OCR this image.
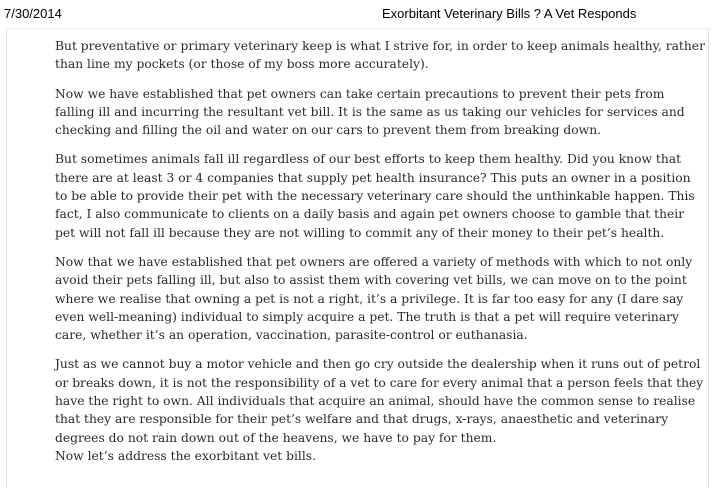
7/30/2014	Exorbitant Veterinary Bills ? A Vet Responds

But preventative or primary veterinary keep is what I strive for, in order to keep animals healthy, rather than line my pockets (or those of my boss more accurately).

Now we have established that pet owners can take certain precautions to prevent their pets from falling ill and incurring the resultant vet bill. It is the same as us taking our vehicles for services and checking and filling the oil and water on our cars to prevent them from breaking down.

But sometimes animals fall ill regardless of our best efforts to keep them healthy. Did you know that there are at least 3 or 4 companies that supply pet health insurance? This puts an owner in a position to be able to provide their pet with the necessary veterinary care should the unthinkable happen. This fact, I also communicate to clients on a daily basis and again pet owners choose to gamble that their pet will not fall ill because they are not willing to commit any of their money to their pet’s health.

Now that we have established that pet owners are offered a variety of methods with which to not only avoid their pets falling ill, but also to assist them with covering vet bills, we can move on to the point where we realise that owning a pet is not a right, it’s a privilege. It is far too easy for any (I dare say even well-meaning) individual to simply acquire a pet. The truth is that a pet will require veterinary care, whether it’s an operation, vaccination, parasite-control or euthanasia.

Just as we cannot buy a motor vehicle and then go cry outside the dealership when it runs out of petrol or breaks down, it is not the responsibility of a vet to care for every animal that a person feels that they have the right to own. All individuals that acquire an animal, should have the common sense to realise that they are responsible for their pet’s welfare and that drugs, x-rays, anaesthetic and veterinary degrees do not rain down out of the heavens, we have to pay for them.

Now let’s address the exorbitant vet bills.
